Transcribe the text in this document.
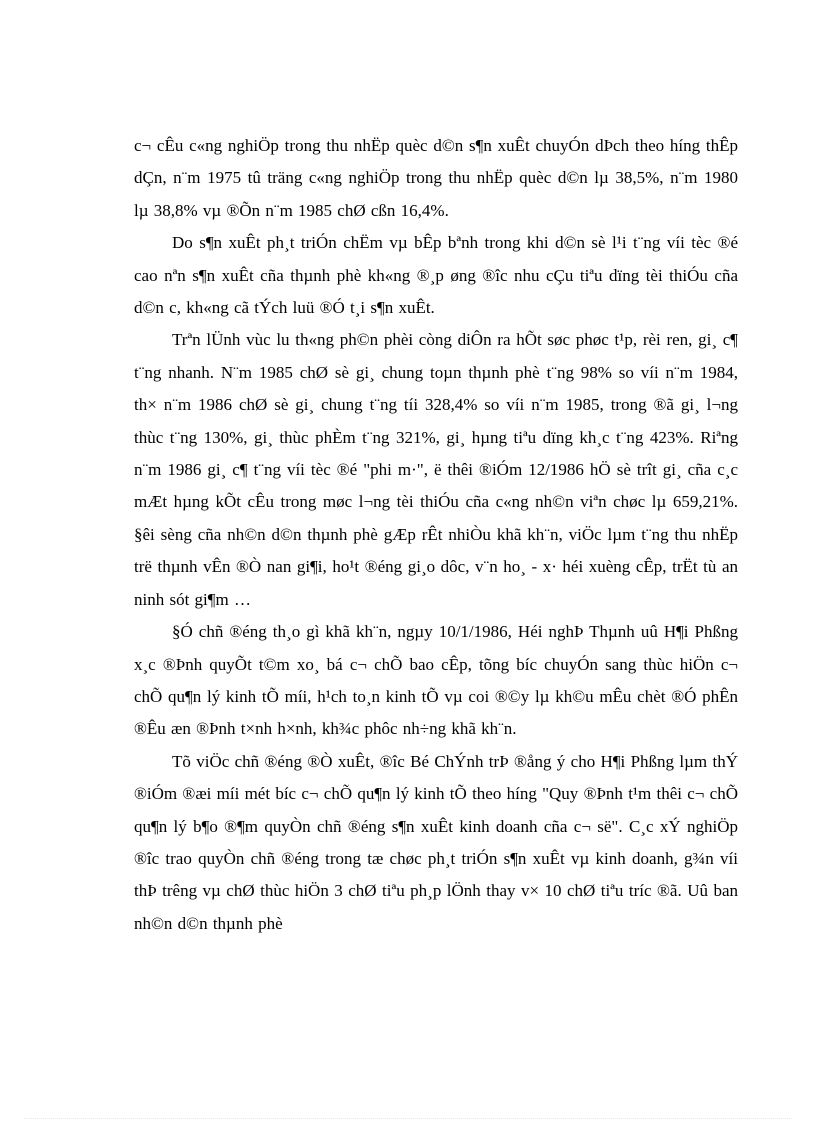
c¬ cÊu c«ng nghiÖp trong thu nhËp quèc d©n s¶n xuÊt chuyÓn dÞch theo híng thÊp dÇn, n¨m 1975 tû träng c«ng nghiÖp trong thu nhËp quèc d©n lµ 38,5%, n¨m 1980 lµ 38,8% vµ ®Õn n¨m 1985 chØ cßn 16,4%.

Do s¶n xuÊt ph¸t triÓn chËm vµ bÊp bªnh trong khi d©n sè l¹i t¨ng víi tèc ®é cao nªn s¶n xuÊt cña thµnh phè kh«ng ®¸p øng ®îc nhu cÇu tiªu dïng tèi thiÓu cña d©n c, kh«ng cã tÝch luü ®Ó t¸i s¶n xuÊt.

Trªn lÜnh vùc lu th«ng ph©n phèi còng diÔn ra hÕt søc phøc t¹p, rèi ren, gi¸ c¶ t¨ng nhanh. N¨m 1985 chØ sè gi¸ chung toµn thµnh phè t¨ng 98% so víi n¨m 1984, th× n¨m 1986 chØ sè gi¸ chung t¨ng tíi 328,4% so víi n¨m 1985, trong ®ã gi¸ l¬ng thùc t¨ng 130%, gi¸ thùc phÈm t¨ng 321%, gi¸ hµng tiªu dïng kh¸c t¨ng 423%. Riªng n¨m 1986 gi¸ c¶ t¨ng víi tèc ®é "phi m·", ë thêi ®iÓm 12/1986 hÖ sè trît gi¸ cña c¸c mÆt hµng kÕt cÊu trong møc l¬ng tèi thiÓu cña c«ng nh©n viªn chøc lµ 659,21%. §êi sèng cña nh©n d©n thµnh phè gÆp rÊt nhiÒu khã kh¨n, viÖc lµm t¨ng thu nhËp trë thµnh vÊn ®Ò nan gi¶i, ho¹t ®éng gi¸o dôc, v¨n ho¸ - x· héi xuèng cÊp, trËt tù an ninh sót gi¶m …

§Ó chñ ®éng th¸o gì khã kh¨n, ngµy 10/1/1986, Héi nghÞ Thµnh uû H¶i Phßng x¸c ®Þnh quyÕt t©m xo¸ bá c¬ chÕ bao cÊp, tõng bíc chuyÓn sang thùc hiÖn c¬ chÕ qu¶n lý kinh tÕ míi, h¹ch to¸n kinh tÕ vµ coi ®©y lµ kh©u mÊu chèt ®Ó phÊn ®Êu æn ®Þnh t×nh h×nh, kh¾c phôc nh÷ng khã kh¨n.

Tõ viÖc chñ ®éng ®Ò xuÊt, ®îc Bé ChÝnh trÞ ®ång ý cho H¶i Phßng lµm thÝ ®iÓm ®æi míi mét bíc c¬ chÕ qu¶n lý kinh tÕ theo híng "Quy ®Þnh t¹m thêi c¬ chÕ qu¶n lý b¶o ®¶m quyÒn chñ ®éng s¶n xuÊt kinh doanh cña c¬ së". C¸c xÝ nghiÖp ®îc trao quyÒn chñ ®éng trong tæ chøc ph¸t triÓn s¶n xuÊt vµ kinh doanh, g¾n víi thÞ trêng vµ chØ thùc hiÖn 3 chØ tiªu ph¸p lÖnh thay v× 10 chØ tiªu tríc ®ã. Uû ban nh©n d©n thµnh phè
